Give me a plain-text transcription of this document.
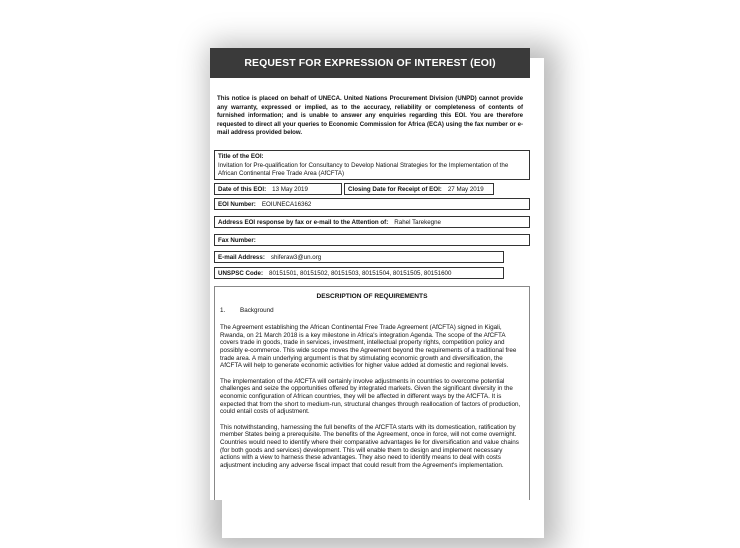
REQUEST FOR EXPRESSION OF INTEREST (EOI)
This notice is placed on behalf of UNECA. United Nations Procurement Division (UNPD) cannot provide any warranty, expressed or implied, as to the accuracy, reliability or completeness of contents of furnished information; and is unable to answer any enquiries regarding this EOI. You are therefore requested to direct all your queries to Economic Commission for Africa (ECA) using the fax number or e-mail address provided below.
Title of the EOI:
Invitation for Pre-qualification for Consultancy to Develop National Strategies for the Implementation of the African Continental Free Trade Area (AfCFTA)
Date of this EOI: 13 May 2019	Closing Date for Receipt of EOI: 27 May 2019
EOI Number: EOIUNECA16362
Address EOI response by fax or e-mail to the Attention of: Rahel Tarekegne
Fax Number:
E-mail Address: shiferaw3@un.org
UNSPSC Code: 80151501, 80151502, 80151503, 80151504, 80151505, 80151600
DESCRIPTION OF REQUIREMENTS
1. Background

The Agreement establishing the African Continental Free Trade Agreement (AfCFTA) signed in Kigali, Rwanda, on 21 March 2018 is a key milestone in Africa's integration Agenda. The scope of the AfCFTA covers trade in goods, trade in services, investment, intellectual property rights, competition policy and possibly e-commerce. This wide scope moves the Agreement beyond the requirements of a traditional free trade area. A main underlying argument is that by stimulating economic growth and diversification, the AfCFTA will help to generate economic activities for higher value added at domestic and regional levels.

The implementation of the AfCFTA will certainly involve adjustments in countries to overcome potential challenges and seize the opportunities offered by integrated markets. Given the significant diversity in the economic configuration of African countries, they will be affected in different ways by the AfCFTA. It is expected that from the short to medium-run, structural changes through reallocation of factors of production, could entail costs of adjustment.

This notwithstanding, harnessing the full benefits of the AfCFTA starts with its domestication, ratification by member States being a prerequisite. The benefits of the Agreement, once in force, will not come overnight. Countries would need to identify where their comparative advantages lie for diversification and value chains (for both goods and services) development. This will enable them to design and implement necessary actions with a view to harness these advantages. They also need to identify means to deal with costs adjustment including any adverse fiscal impact that could result from the Agreement's implementation.
